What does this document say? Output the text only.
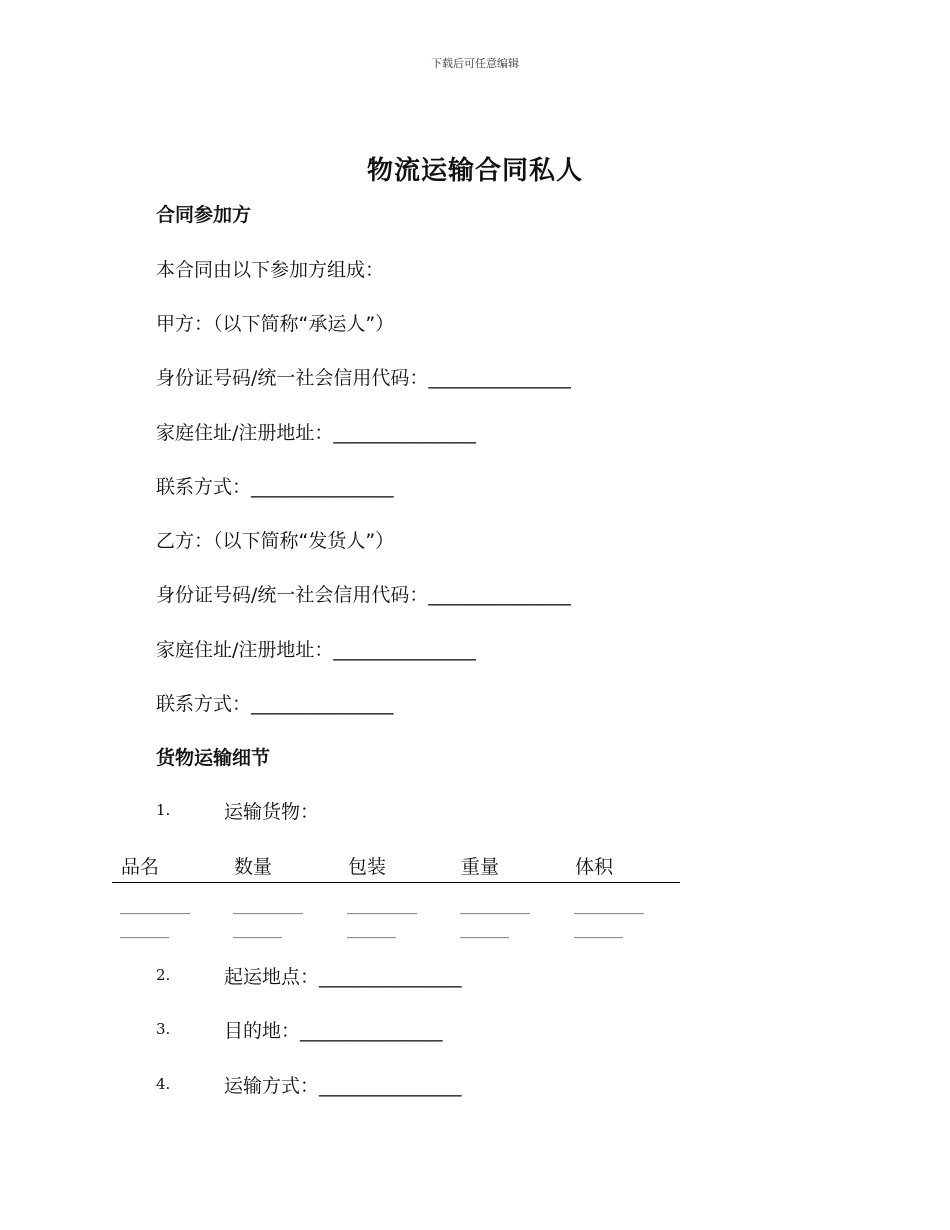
下载后可任意编辑
物流运输合同私人
合同参加方
本合同由以下参加方组成：
甲方：（以下简称“承运人”）
身份证号码/统一社会信用代码：_______________
家庭住址/注册地址：_______________
联系方式：_______________
乙方：（以下简称“发货人”）
身份证号码/统一社会信用代码：_______________
家庭住址/注册地址：_______________
联系方式：_______________
货物运输细节
1.	运输货物：
品名	数量	包装	重量	体积
__________	__________	__________	__________	__________
_______	_______	_______	_______	_______
2.	起运地点：_______________
3.	目的地：_______________
4.	运输方式：_______________
